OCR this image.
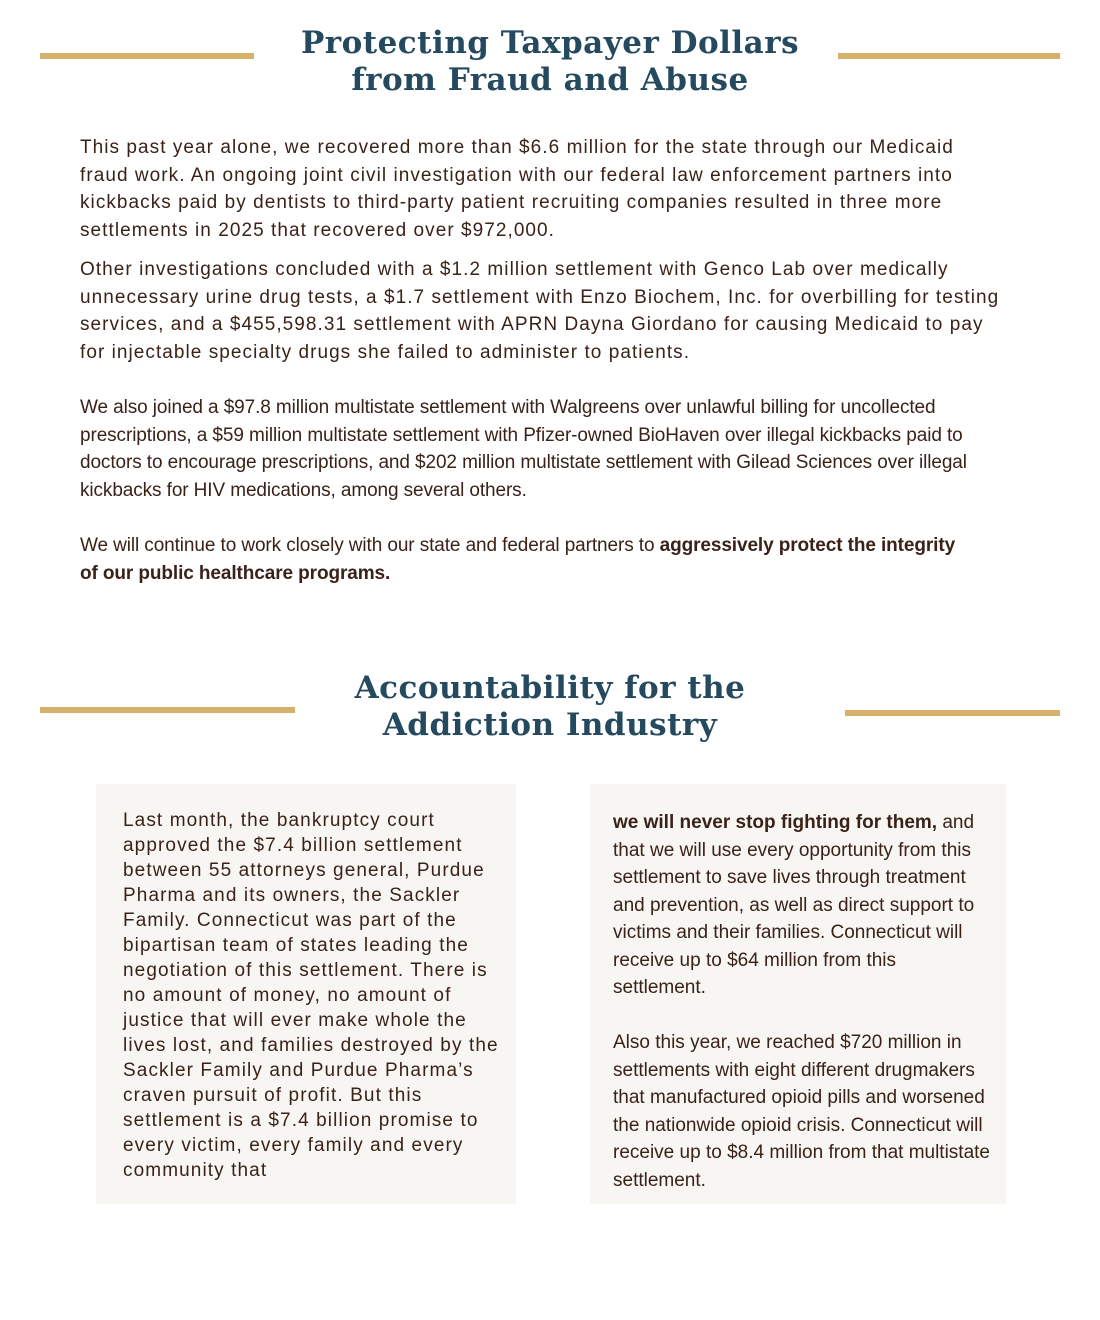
Protecting Taxpayer Dollars
from Fraud and Abuse

This past year alone, we recovered more than $6.6 million for the state through our Medicaid fraud work. An ongoing joint civil investigation with our federal law enforcement partners into kickbacks paid by dentists to third-party patient recruiting companies resulted in three more settlements in 2025 that recovered over $972,000.

Other investigations concluded with a $1.2 million settlement with Genco Lab over medically unnecessary urine drug tests, a $1.7 settlement with Enzo Biochem, Inc. for overbilling for testing services, and a $455,598.31 settlement with APRN Dayna Giordano for causing Medicaid to pay for injectable specialty drugs she failed to administer to patients.

We also joined a $97.8 million multistate settlement with Walgreens over unlawful billing for uncollected prescriptions, a $59 million multistate settlement with Pfizer-owned BioHaven over illegal kickbacks paid to doctors to encourage prescriptions, and $202 million multistate settlement with Gilead Sciences over illegal kickbacks for HIV medications, among several others.

We will continue to work closely with our state and federal partners to aggressively protect the integrity of our public healthcare programs.

Accountability for the
Addiction Industry

Last month, the bankruptcy court approved the $7.4 billion settlement between 55 attorneys general, Purdue Pharma and its owners, the Sackler Family. Connecticut was part of the bipartisan team of states leading the negotiation of this settlement. There is no amount of money, no amount of justice that will ever make whole the lives lost, and families destroyed by the Sackler Family and Purdue Pharma’s craven pursuit of profit. But this settlement is a $7.4 billion promise to every victim, every family and every community that

we will never stop fighting for them, and that we will use every opportunity from this settlement to save lives through treatment and prevention, as well as direct support to victims and their families. Connecticut will receive up to $64 million from this settlement.

Also this year, we reached $720 million in settlements with eight different drugmakers that manufactured opioid pills and worsened the nationwide opioid crisis. Connecticut will receive up to $8.4 million from that multistate settlement.
